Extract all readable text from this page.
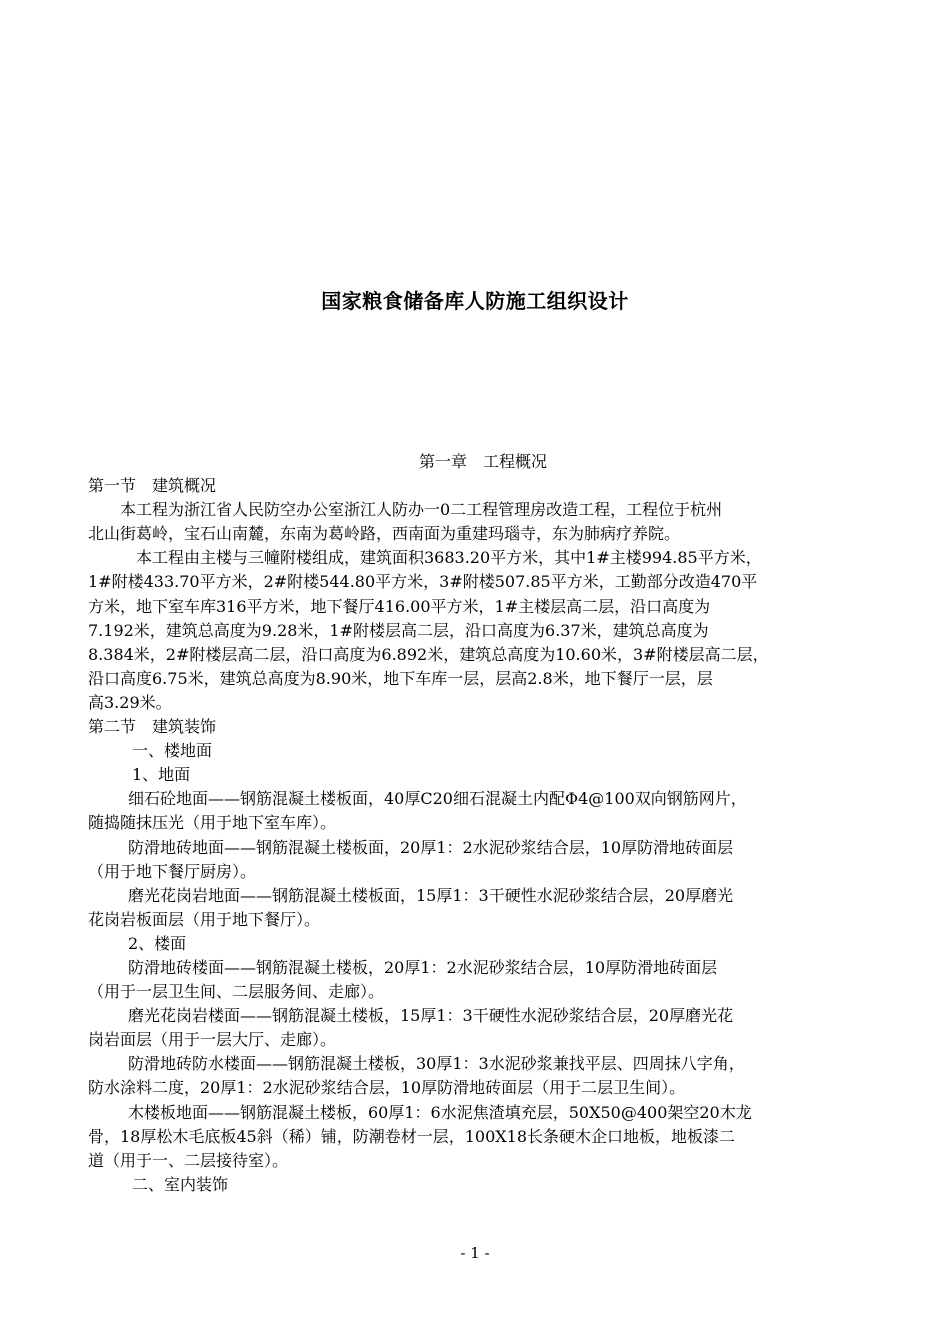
国家粮食储备库人防施工组织设计
第一章　工程概况
第一节　建筑概况
本工程为浙江省人民防空办公室浙江人防办一0二工程管理房改造工程，工程位于杭州
北山街葛岭，宝石山南麓，东南为葛岭路，西南面为重建玛瑙寺，东为肺病疗养院。
本工程由主楼与三幢附楼组成，建筑面积3683.20平方米，其中1#主楼994.85平方米，
1#附楼433.70平方米，2#附楼544.80平方米，3#附楼507.85平方米，工勤部分改造470平
方米，地下室车库316平方米，地下餐厅416.00平方米，1#主楼层高二层，沿口高度为
7.192米，建筑总高度为9.28米，1#附楼层高二层，沿口高度为6.37米，建筑总高度为
8.384米，2#附楼层高二层，沿口高度为6.892米，建筑总高度为10.60米，3#附楼层高二层，
沿口高度6.75米，建筑总高度为8.90米，地下车库一层，层高2.8米，地下餐厅一层，层
高3.29米。
第二节　建筑装饰
一、楼地面
1、地面
细石砼地面——钢筋混凝土楼板面，40厚C20细石混凝土内配Φ4@100双向钢筋网片，
随捣随抹压光（用于地下室车库）。
防滑地砖地面——钢筋混凝土楼板面，20厚1：2水泥砂浆结合层，10厚防滑地砖面层
（用于地下餐厅厨房）。
磨光花岗岩地面——钢筋混凝土楼板面，15厚1：3干硬性水泥砂浆结合层，20厚磨光
花岗岩板面层（用于地下餐厅）。
2、楼面
防滑地砖楼面——钢筋混凝土楼板，20厚1：2水泥砂浆结合层，10厚防滑地砖面层
（用于一层卫生间、二层服务间、走廊）。
磨光花岗岩楼面——钢筋混凝土楼板，15厚1：3干硬性水泥砂浆结合层，20厚磨光花
岗岩面层（用于一层大厅、走廊）。
防滑地砖防水楼面——钢筋混凝土楼板，30厚1：3水泥砂浆兼找平层、四周抹八字角，
防水涂料二度，20厚1：2水泥砂浆结合层，10厚防滑地砖面层（用于二层卫生间）。
木楼板地面——钢筋混凝土楼板，60厚1：6水泥焦渣填充层，50X50@400架空20木龙
骨，18厚松木毛底板45斜（稀）铺，防潮卷材一层，100X18长条硬木企口地板，地板漆二
道（用于一、二层接待室）。
二、室内装饰
- 1 -
